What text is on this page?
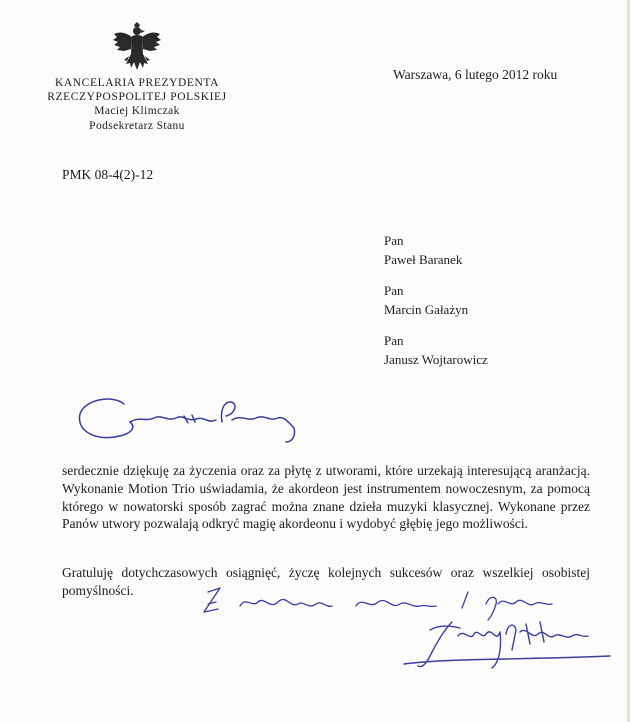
KANCELARIA PREZYDENTA
RZECZYPOSPOLITEJ POLSKIEJ
Maciej Klimczak
Podsekretarz Stanu
Warszawa, 6 lutego 2012 roku
PMK 08-4(2)-12
Pan
Paweł Baranek
Pan
Marcin Gałażyn
Pan
Janusz Wojtarowicz

serdecznie dziękuję za życzenia oraz za płytę z utworami, które urzekają interesującą aranżacją. Wykonanie Motion Trio uświadamia, że akordeon jest instrumentem nowoczesnym, za pomocą którego w nowatorski sposób zagrać można znane dzieła muzyki klasycznej. Wykonane przez Panów utwory pozwalają odkryć magię akordeonu i wydobyć głębię jego możliwości.

Gratuluję dotychczasowych osiągnięć, życzę kolejnych sukcesów oraz wszelkiej osobistej pomyślności.
